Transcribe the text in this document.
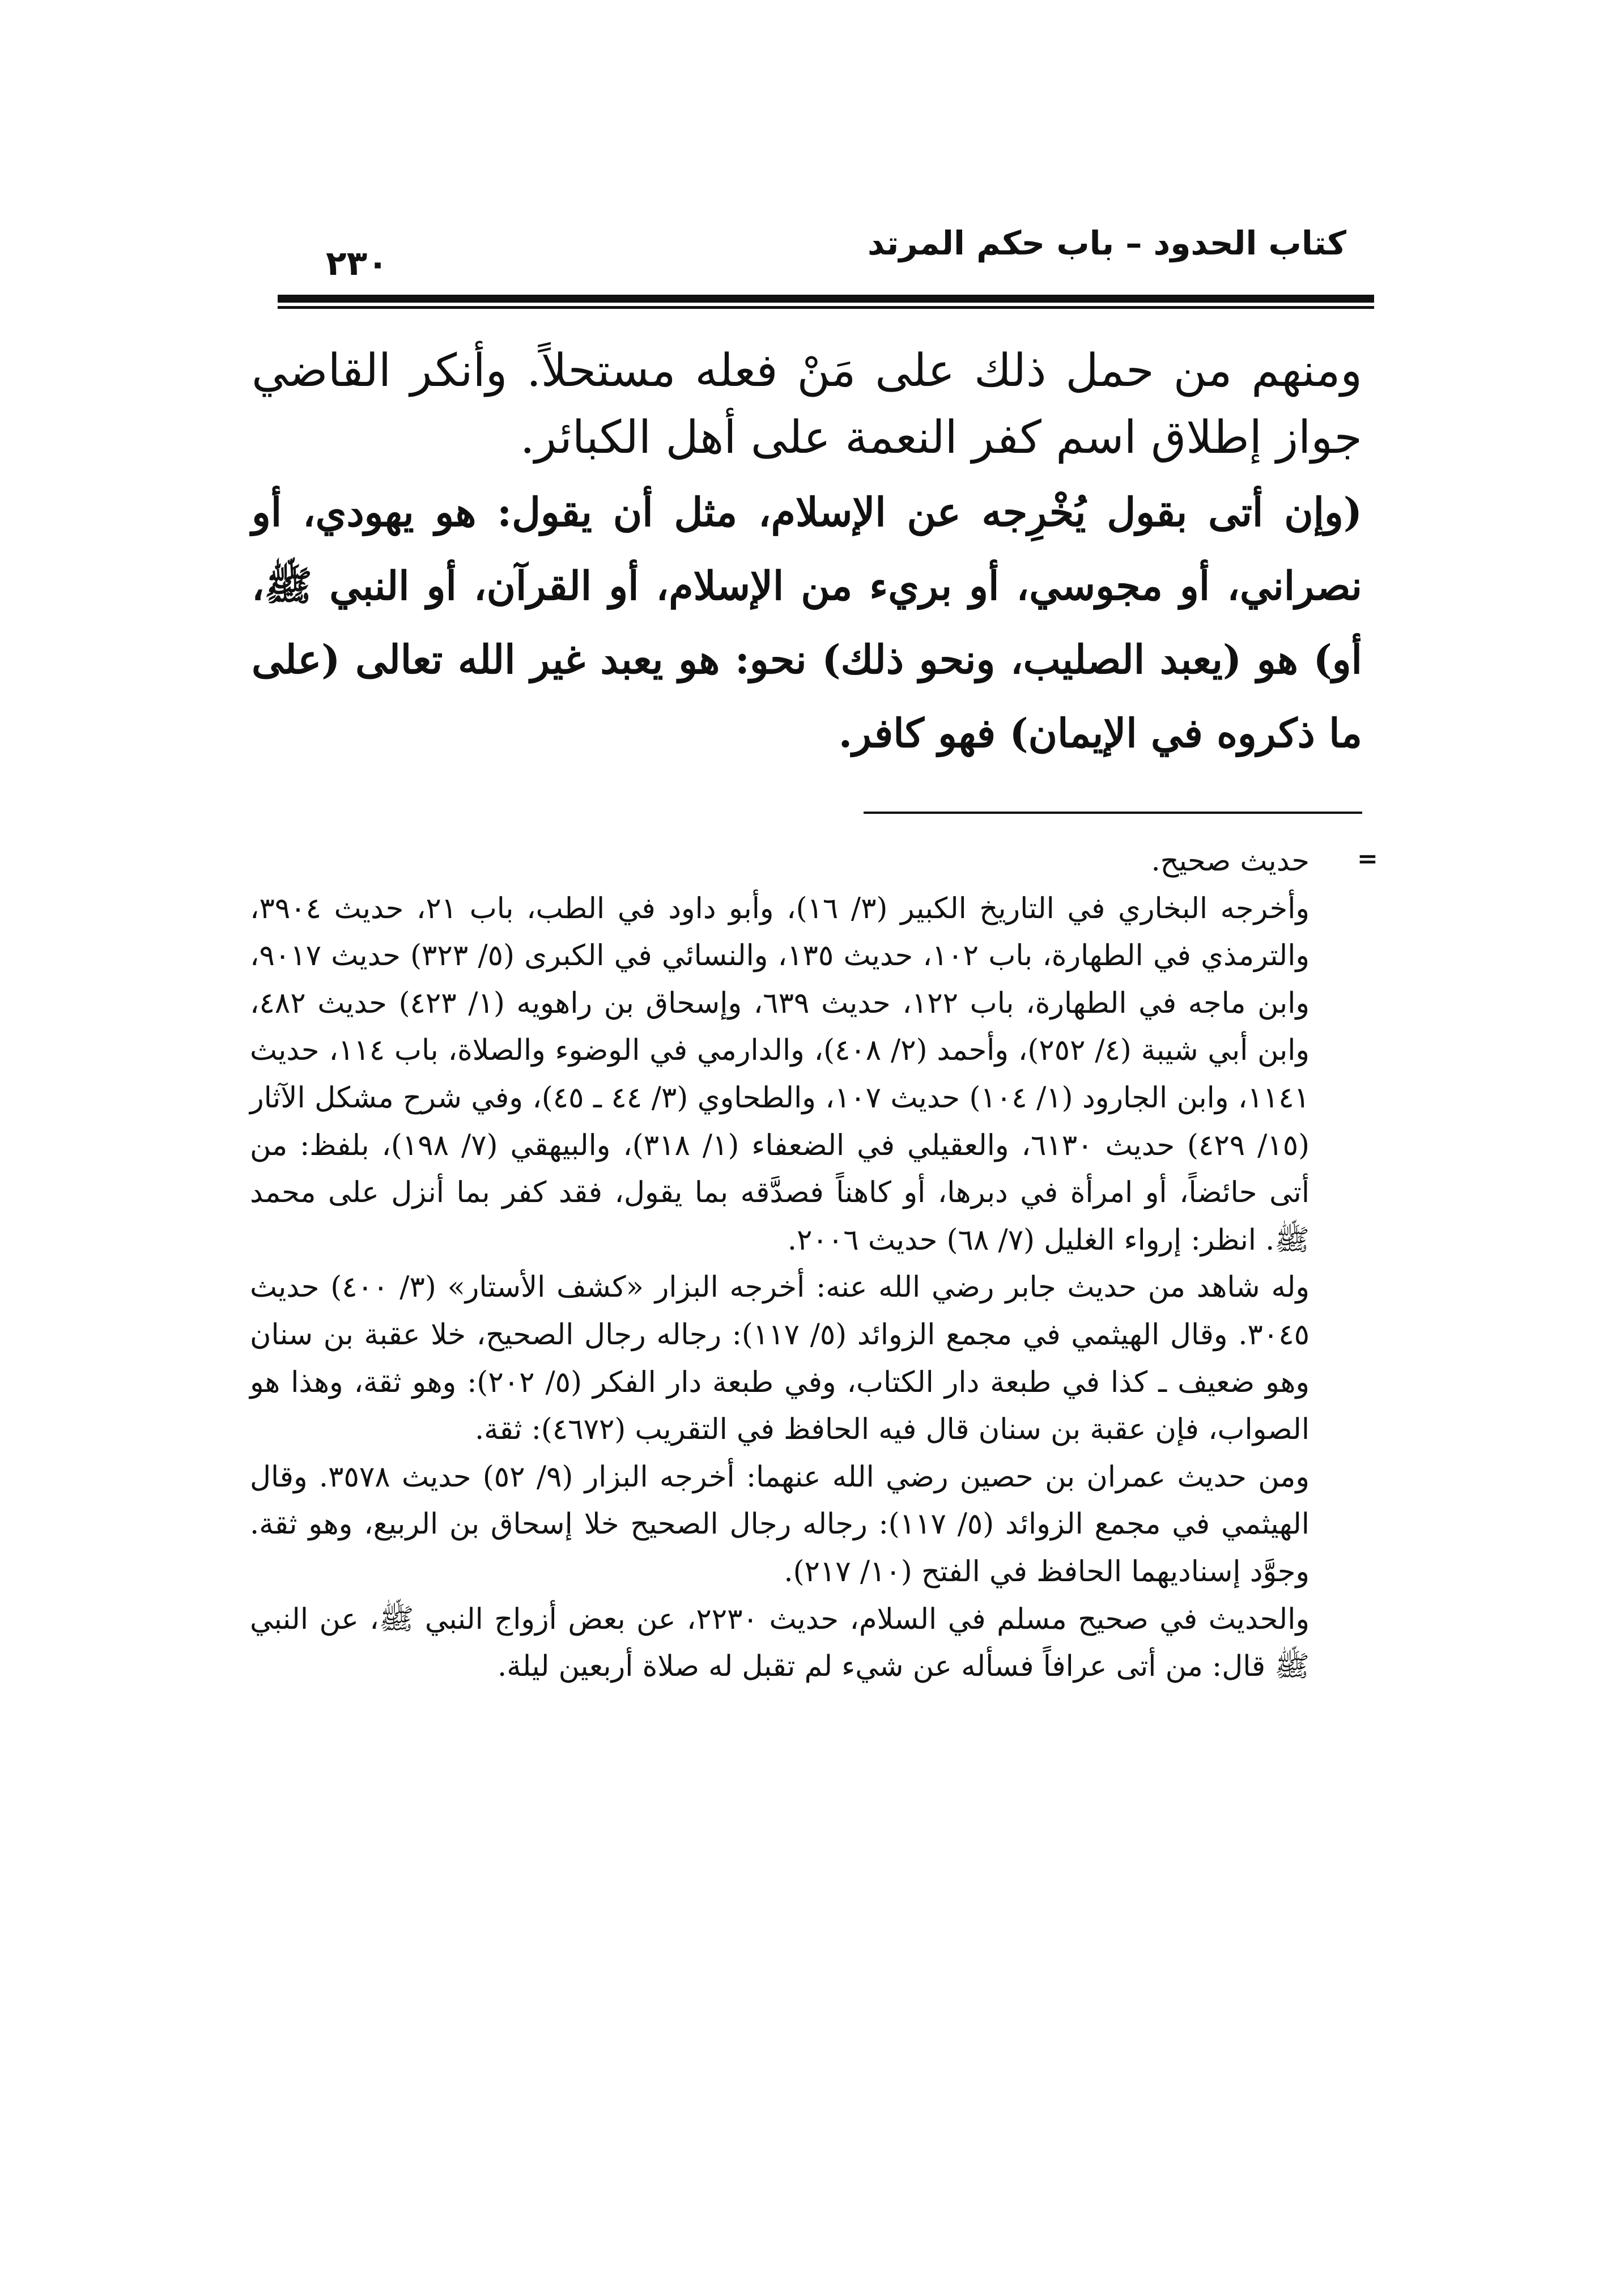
كتاب الحدود – باب حكم المرتد
٢٣٠

ومنهم من حمل ذلك على مَنْ فعله مستحلاً. وأنكر القاضي جواز إطلاق اسم كفر النعمة على أهل الكبائر.

(وإن أتى بقول يُخْرِجه عن الإسلام، مثل أن يقول: هو يهودي، أو نصراني، أو مجوسي، أو بريء من الإسلام، أو القرآن، أو النبي ﷺ، أو) هو (يعبد الصليب، ونحو ذلك) نحو: هو يعبد غير الله تعالى (على ما ذكروه في الإيمان) فهو كافر.

=

حديث صحيح.

وأخرجه البخاري في التاريخ الكبير (٣/ ١٦)، وأبو داود في الطب، باب ٢١، حديث ٣٩٠٤، والترمذي في الطهارة، باب ١٠٢، حديث ١٣٥، والنسائي في الكبرى (٥/ ٣٢٣) حديث ٩٠١٧، وابن ماجه في الطهارة، باب ١٢٢، حديث ٦٣٩، وإسحاق بن راهويه (١/ ٤٢٣) حديث ٤٨٢، وابن أبي شيبة (٤/ ٢٥٢)، وأحمد (٢/ ٤٠٨)، والدارمي في الوضوء والصلاة، باب ١١٤، حديث ١١٤١، وابن الجارود (١/ ١٠٤) حديث ١٠٧، والطحاوي (٣/ ٤٤ ـ ٤٥)، وفي شرح مشكل الآثار (١٥/ ٤٢٩) حديث ٦١٣٠، والعقيلي في الضعفاء (١/ ٣١٨)، والبيهقي (٧/ ١٩٨)، بلفظ: من أتى حائضاً، أو امرأة في دبرها، أو كاهناً فصدَّقه بما يقول، فقد كفر بما أنزل على محمد ﷺ. انظر: إرواء الغليل (٧/ ٦٨) حديث ٢٠٠٦.

وله شاهد من حديث جابر رضي الله عنه: أخرجه البزار «كشف الأستار» (٣/ ٤٠٠) حديث ٣٠٤٥. وقال الهيثمي في مجمع الزوائد (٥/ ١١٧): رجاله رجال الصحيح، خلا عقبة بن سنان وهو ضعيف ـ كذا في طبعة دار الكتاب، وفي طبعة دار الفكر (٥/ ٢٠٢): وهو ثقة، وهذا هو الصواب، فإن عقبة بن سنان قال فيه الحافظ في التقريب (٤٦٧٢): ثقة.

ومن حديث عمران بن حصين رضي الله عنهما: أخرجه البزار (٩/ ٥٢) حديث ٣٥٧٨. وقال الهيثمي في مجمع الزوائد (٥/ ١١٧): رجاله رجال الصحيح خلا إسحاق بن الربيع، وهو ثقة. وجوَّد إسناديهما الحافظ في الفتح (١٠/ ٢١٧).

والحديث في صحيح مسلم في السلام، حديث ٢٢٣٠، عن بعض أزواج النبي ﷺ، عن النبي ﷺ قال: من أتى عرافاً فسأله عن شيء لم تقبل له صلاة أربعين ليلة.
